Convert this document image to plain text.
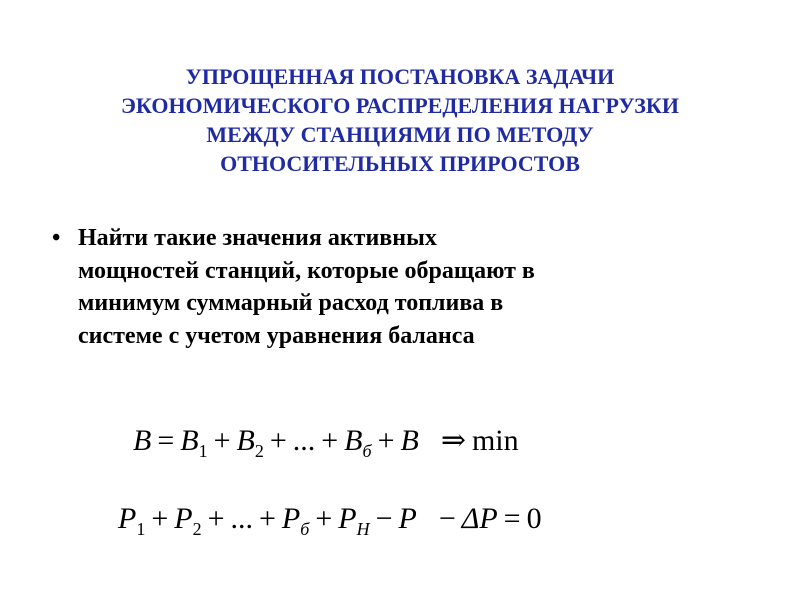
УПРОЩЕННАЯ ПОСТАНОВКА ЗАДАЧИ
ЭКОНОМИЧЕСКОГО РАСПРЕДЕЛЕНИЯ НАГРУЗКИ
МЕЖДУ СТАНЦИЯМИ ПО МЕТОДУ
ОТНОСИТЕЛЬНЫХ ПРИРОСТОВ
• Найти такие значения активных
мощностей станций, которые обращают в
минимум суммарный расход топлива в
системе с учетом уравнения баланса
$B = B_1 + B_2$ + ... + $B_б + B$ ⇒ min
$P_1 + P_2$ + ... + $P_б + P_H - P - \Delta P = 0$
